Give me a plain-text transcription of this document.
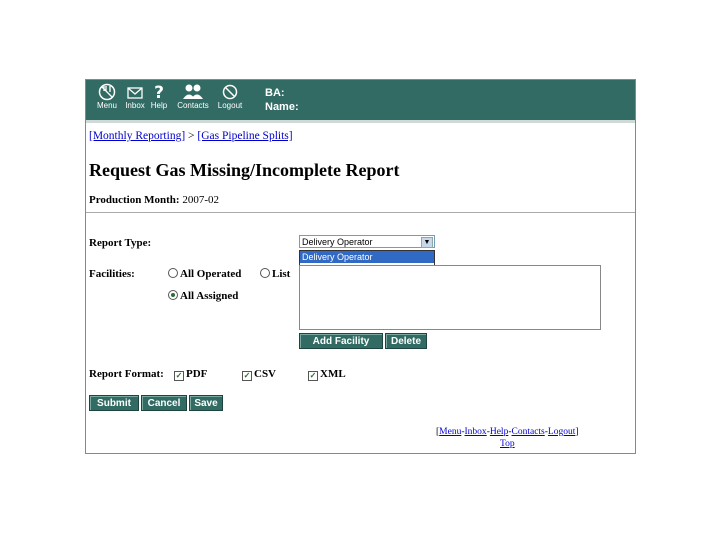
Menu	Inbox
?
Help	Contacts	Logout
BA:
Name:
[Monthly Reporting] > [Gas Pipeline Splits]
Request Gas Missing/Incomplete Report
Production Month: 2007-02
Report Type:	Delivery Operator	▼
Delivery Operator
Facilities:	All Operated	List
All Assigned
Add Facility	Delete
Report Format: ✓ PDF	✓ CSV	✓ XML
Submit	Cancel	Save
[Menu-Inbox-Help-Contacts-Logout]
Top
